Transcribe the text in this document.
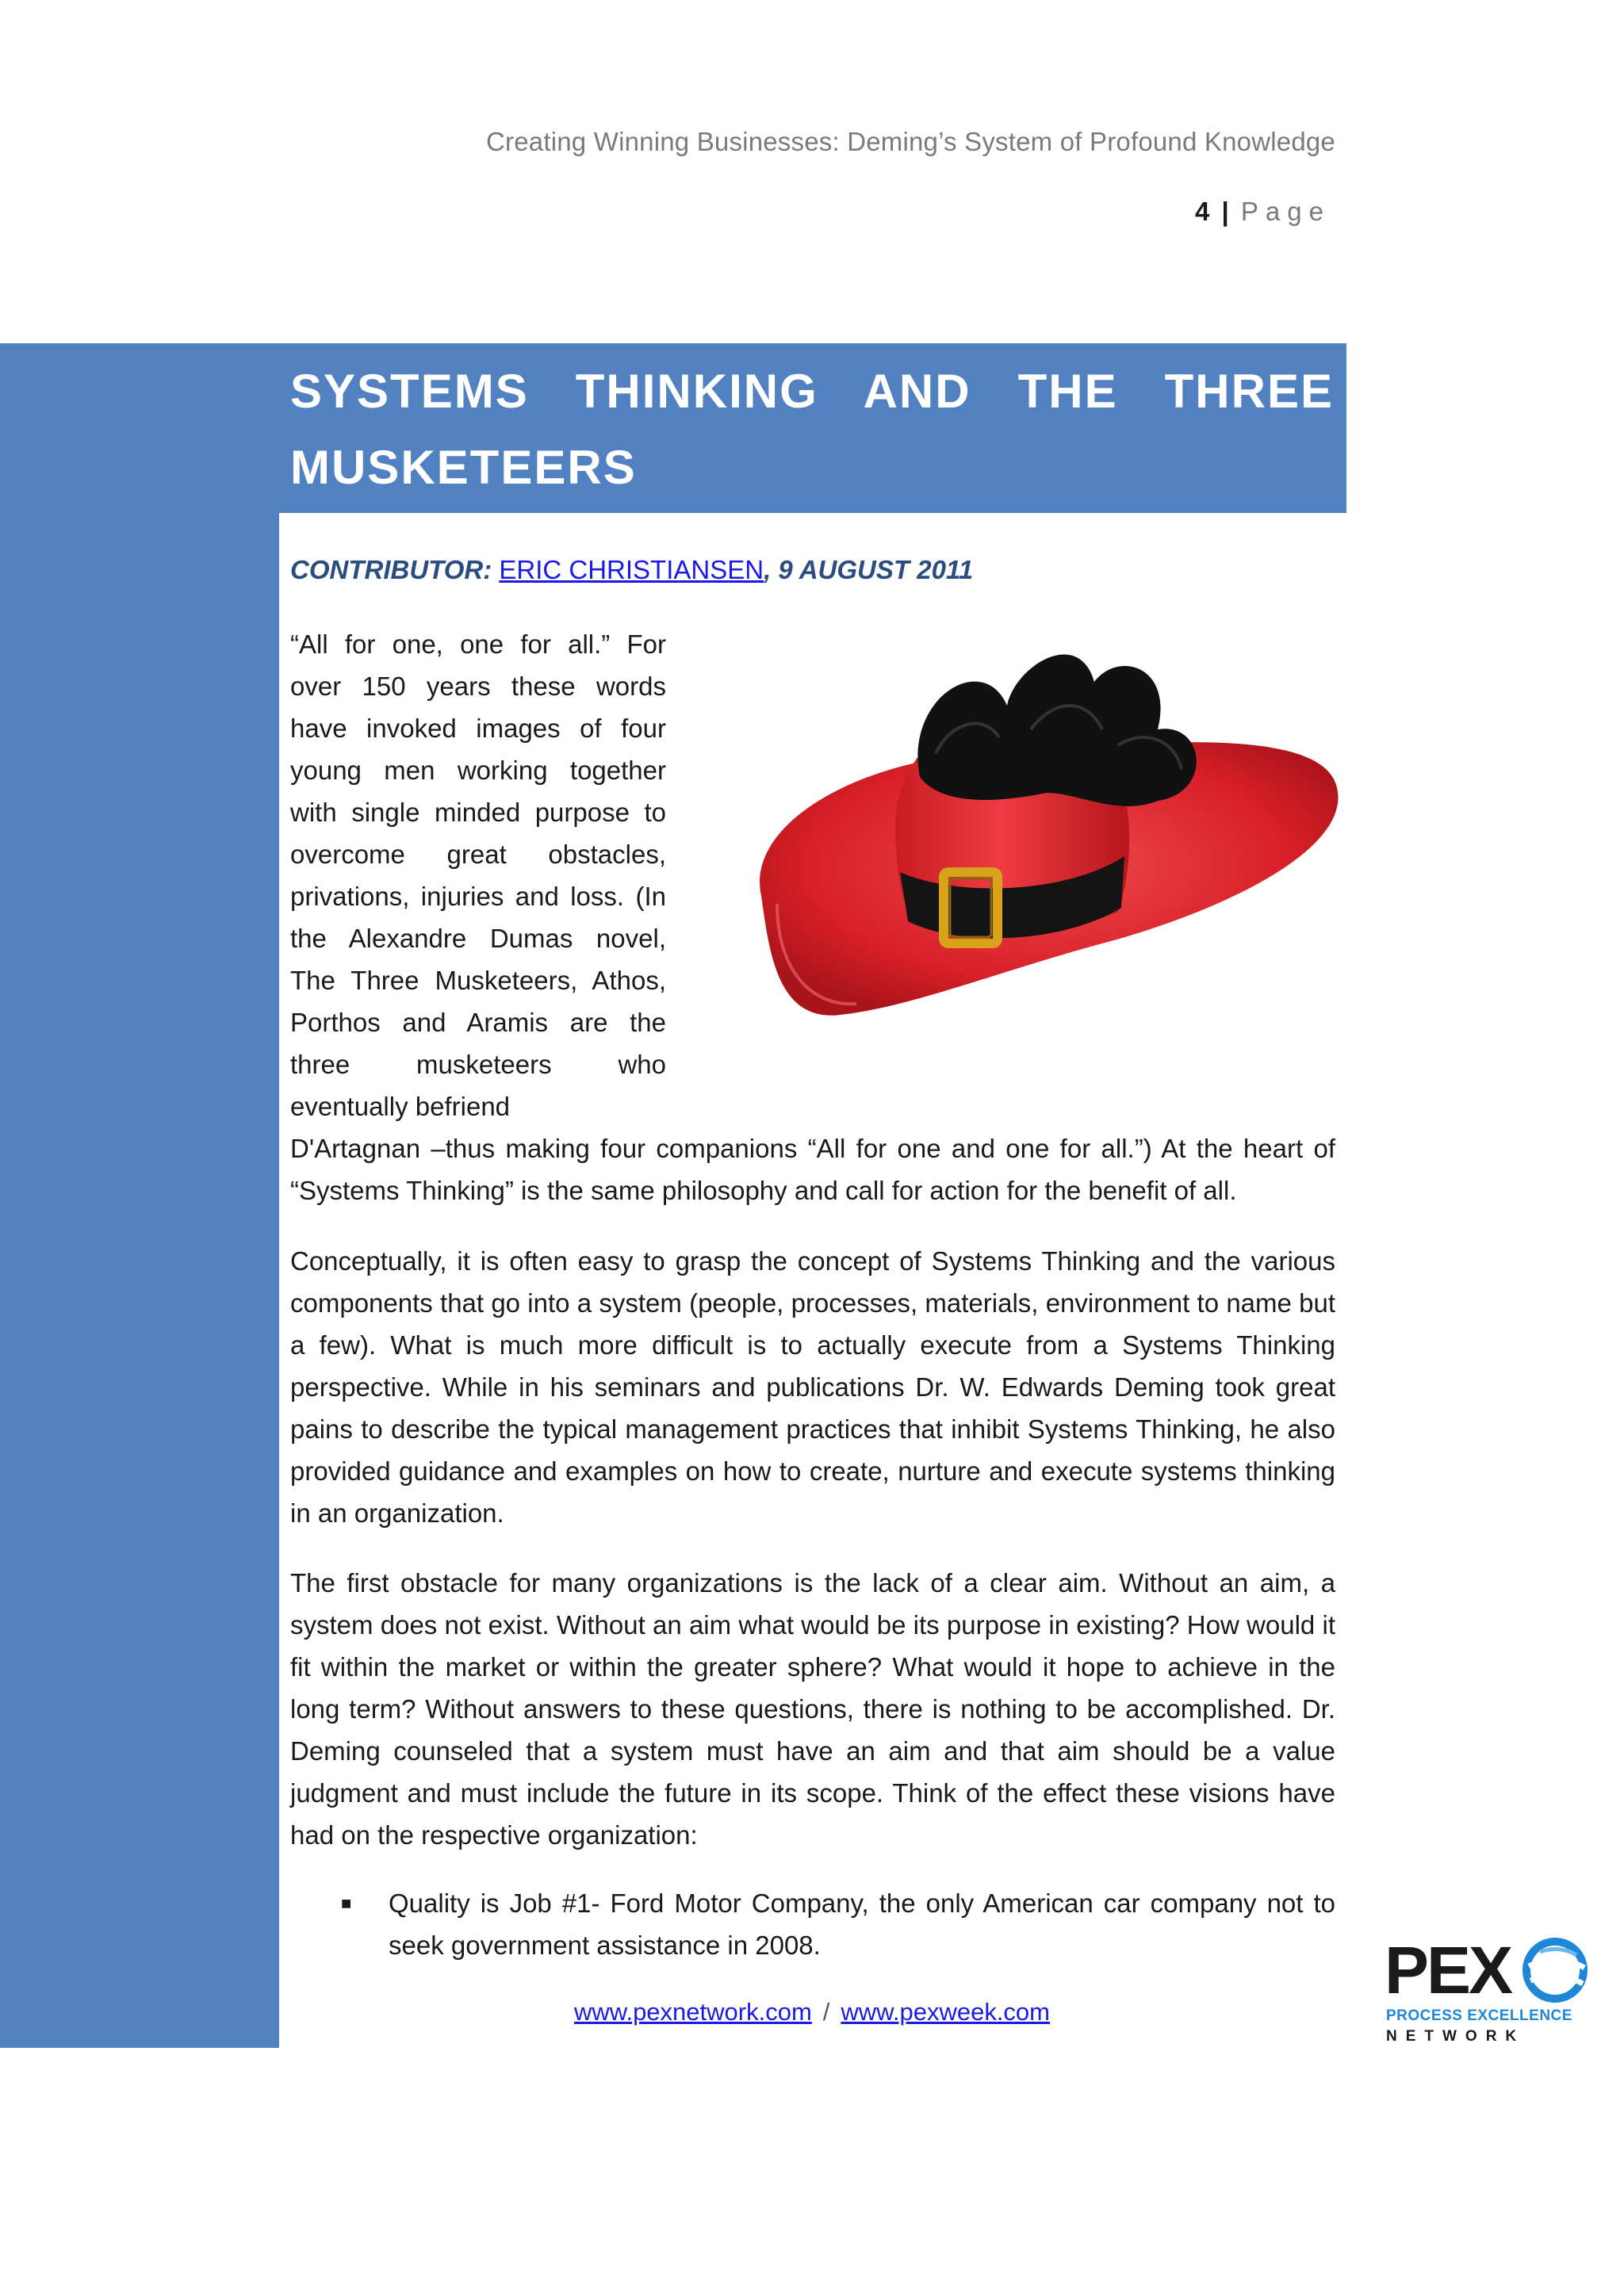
Creating Winning Businesses: Deming’s System of Profound Knowledge
4 | Page
SYSTEMS THINKING AND THE THREE MUSKETEERS
CONTRIBUTOR: ERIC CHRISTIANSEN, 9 AUGUST 2011
“All for one, one for all.” For over 150 years these words have invoked images of four young men working together with single minded purpose to overcome great obstacles, privations, injuries and loss. (In the Alexandre Dumas novel, The Three Musketeers, Athos, Porthos and Aramis are the three musketeers who eventually befriend
D'Artagnan –thus making four companions “All for one and one for all.”) At the heart of “Systems Thinking” is the same philosophy and call for action for the benefit of all.
Conceptually, it is often easy to grasp the concept of Systems Thinking and the various components that go into a system (people, processes, materials, environment to name but a few). What is much more difficult is to actually execute from a Systems Thinking perspective. While in his seminars and publications Dr. W. Edwards Deming took great pains to describe the typical management practices that inhibit Systems Thinking, he also provided guidance and examples on how to create, nurture and execute systems thinking in an organization.
The first obstacle for many organizations is the lack of a clear aim. Without an aim, a system does not exist. Without an aim what would be its purpose in existing? How would it fit within the market or within the greater sphere? What would it hope to achieve in the long term? Without answers to these questions, there is nothing to be accomplished. Dr. Deming counseled that a system must have an aim and that aim should be a value judgment and must include the future in its scope. Think of the effect these visions have had on the respective organization:
■ Quality is Job #1- Ford Motor Company, the only American car company not to seek government assistance in 2008.
www.pexnetwork.com / www.pexweek.com
PEX
PROCESS EXCELLENCE
NETWORK
